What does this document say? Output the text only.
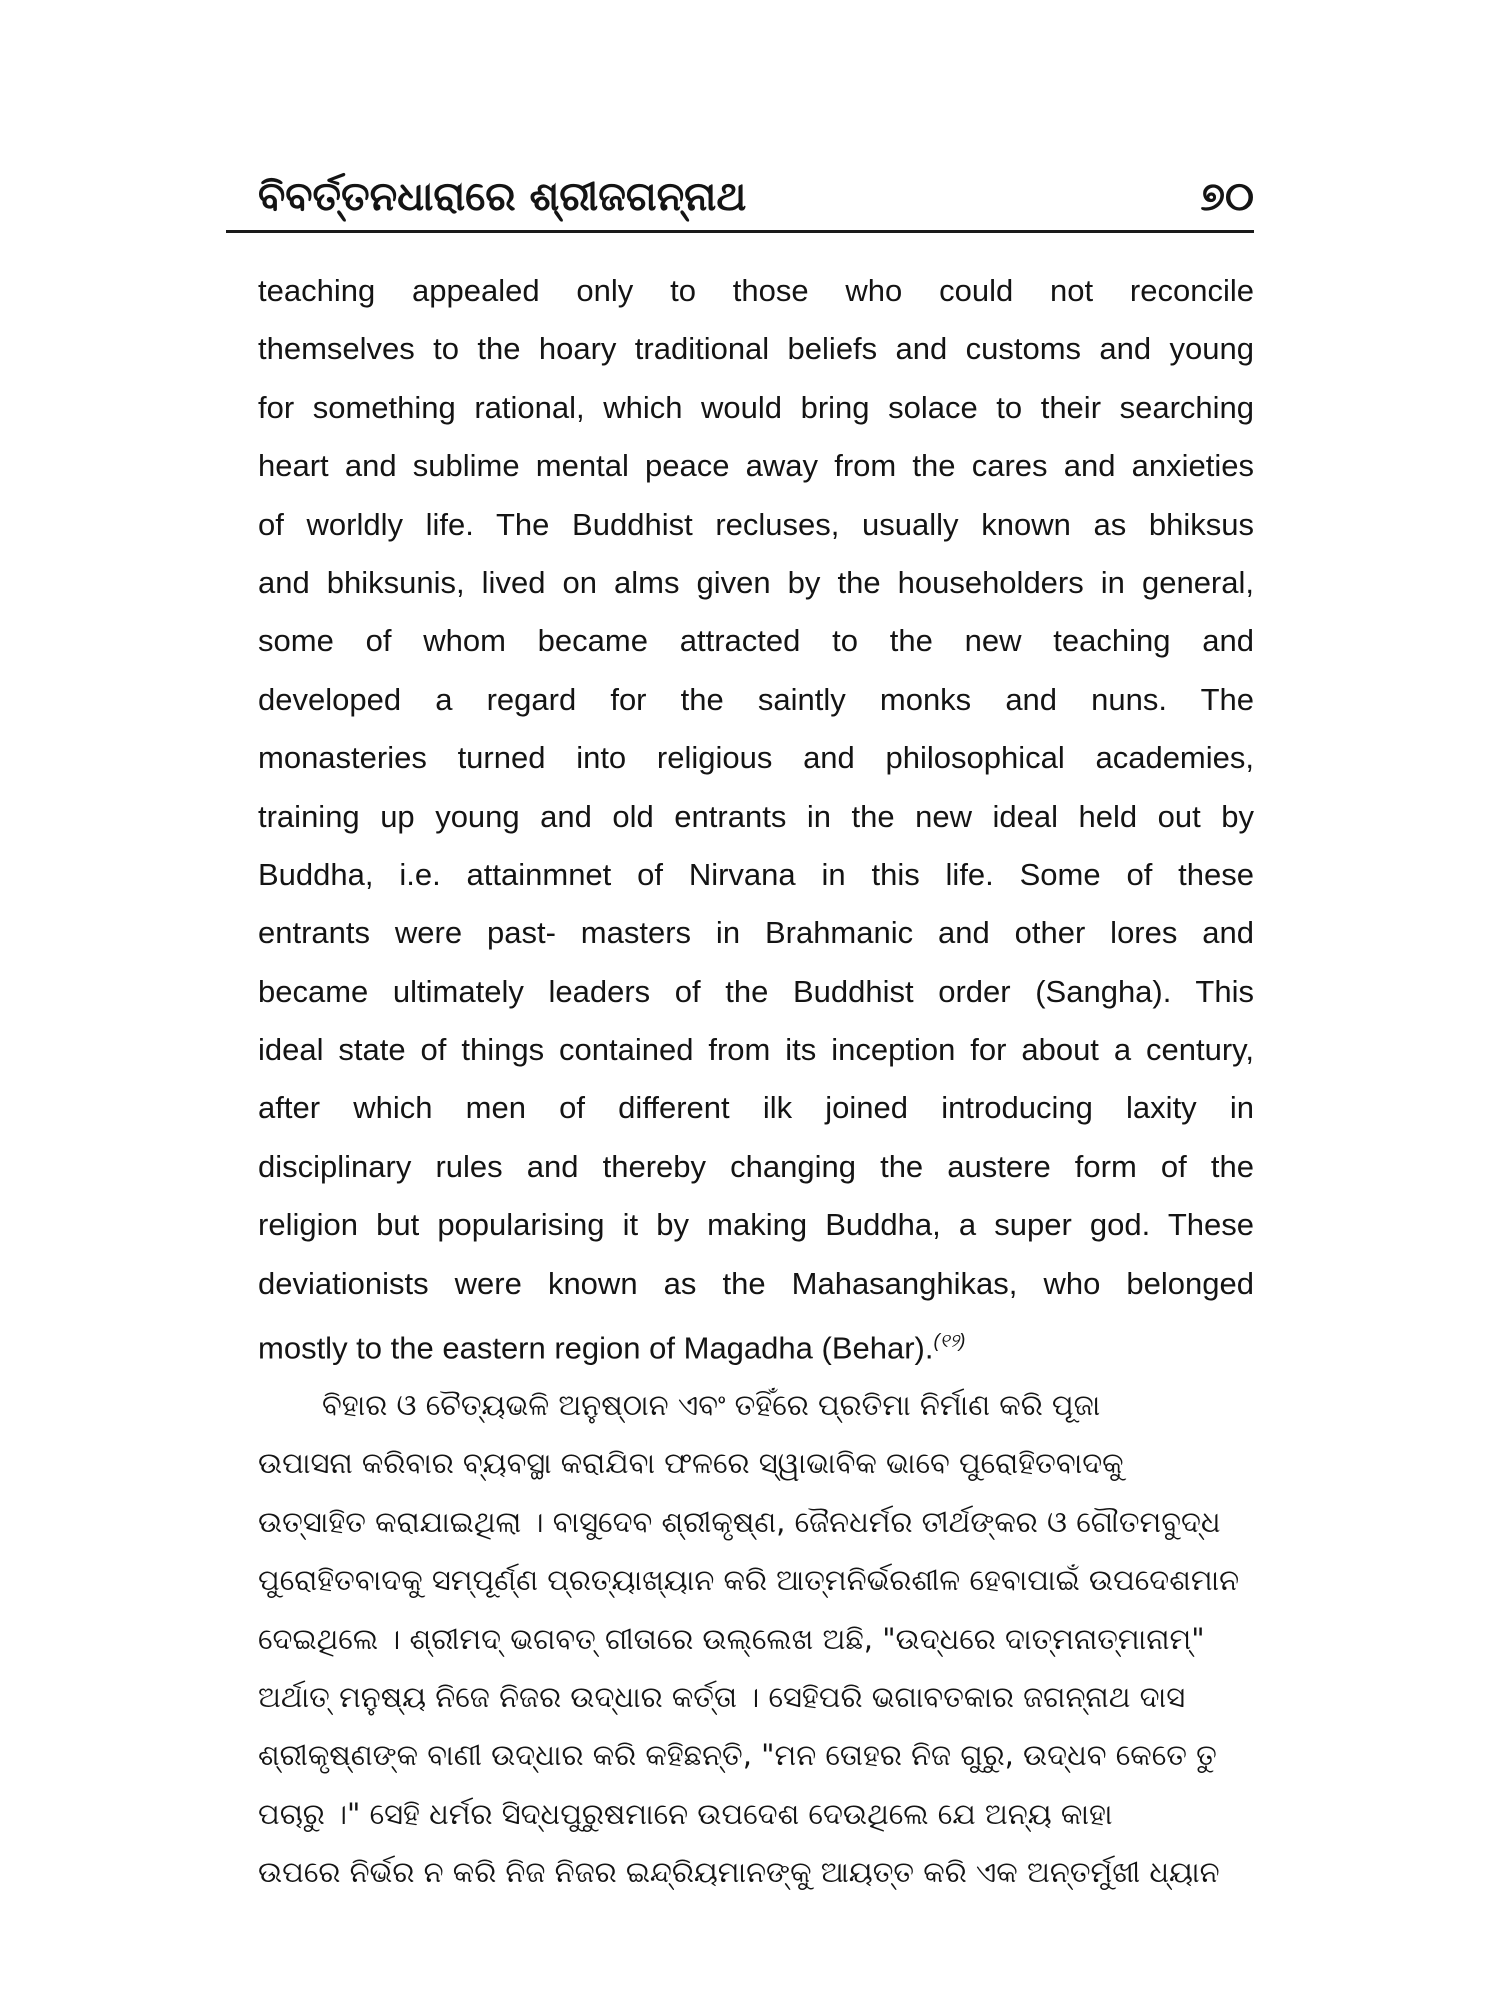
ବିବର୍ତ୍ତନଧାରାରେ ଶ୍ରୀଜଗନ୍ନାଥ	୭୦
teaching appealed only to those who could not reconcile
themselves to the hoary traditional beliefs and customs and young
for something rational, which would bring solace to their searching
heart and sublime mental peace away from the cares and anxieties
of worldly life. The Buddhist recluses, usually known as bhiksus
and bhiksunis, lived on alms given by the householders in general,
some of whom became attracted to the new teaching and
developed a regard for the saintly monks and nuns. The
monasteries turned into religious and philosophical academies,
training up young and old entrants in the new ideal held out by
Buddha, i.e. attainmnet of Nirvana in this life. Some of these
entrants were past- masters in Brahmanic and other lores and
became ultimately leaders of the Buddhist order (Sangha). This
ideal state of things contained from its inception for about a century,
after which men of different ilk joined introducing laxity in
disciplinary rules and thereby changing the austere form of the
religion but popularising it by making Buddha, a super god. These
deviationists were known as the Mahasanghikas, who belonged
mostly to the eastern region of Magadha (Behar).$^{(୧୨)}$
ବିହାର ଓ ଚୈତ୍ୟଭଳି ଅନୁଷ୍ଠାନ ଏବଂ ତହିଁରେ ପ୍ରତିମା ନିର୍ମାଣ କରି ପୂଜା
ଉପାସନା କରିବାର ବ୍ୟବସ୍ଥା କରାଯିବା ଫଳରେ ସ୍ୱାଭାବିକ ଭାବେ ପୁରୋହିତବାଦକୁ
ଉତ୍ସାହିତ କରାଯାଇଥିଲା । ବାସୁଦେବ ଶ୍ରୀକୃଷ୍ଣ, ଜୈନଧର୍ମର ତୀର୍ଥଙ୍କର ଓ ଗୌତମବୁଦ୍ଧ
ପୁରୋହିତବାଦକୁ ସମ୍ପୂର୍ଣ୍ଣ ପ୍ରତ୍ୟାଖ୍ୟାନ କରି ଆତ୍ମନିର୍ଭରଶୀଳ ହେବାପାଇଁ ଉପଦେଶମାନ
ଦେଇଥିଲେ । ଶ୍ରୀମଦ୍ ଭଗବତ୍ ଗୀତାରେ ଉଲ୍ଲେଖ ଅଛି, "ଉଦ୍ଧରେ ଦାତ୍ମନାତ୍ମାନାମ୍"
ଅର୍ଥାତ୍ ମନୁଷ୍ୟ ନିଜେ ନିଜର ଉଦ୍ଧାର କର୍ତ୍ତା । ସେହିପରି ଭଗାବତକାର ଜଗନ୍ନାଥ ଦାସ
ଶ୍ରୀକୃଷ୍ଣଙ୍କ ବାଣୀ ଉଦ୍ଧାର କରି କହିଛନ୍ତି, "ମନ ତୋହର ନିଜ ଗୁରୁ, ଉଦ୍ଧବ କେତେ ତୁ
ପଚାରୁ ।" ସେହି ଧର୍ମର ସିଦ୍ଧପୁରୁଷମାନେ ଉପଦେଶ ଦେଉଥିଲେ ଯେ ଅନ୍ୟ କାହା
ଉପରେ ନିର୍ଭର ନ କରି ନିଜ ନିଜର ଇନ୍ଦ୍ରିୟମାନଙ୍କୁ ଆୟତ୍ତ କରି ଏକ ଅନ୍ତର୍ମୁଖୀ ଧ୍ୟାନ
